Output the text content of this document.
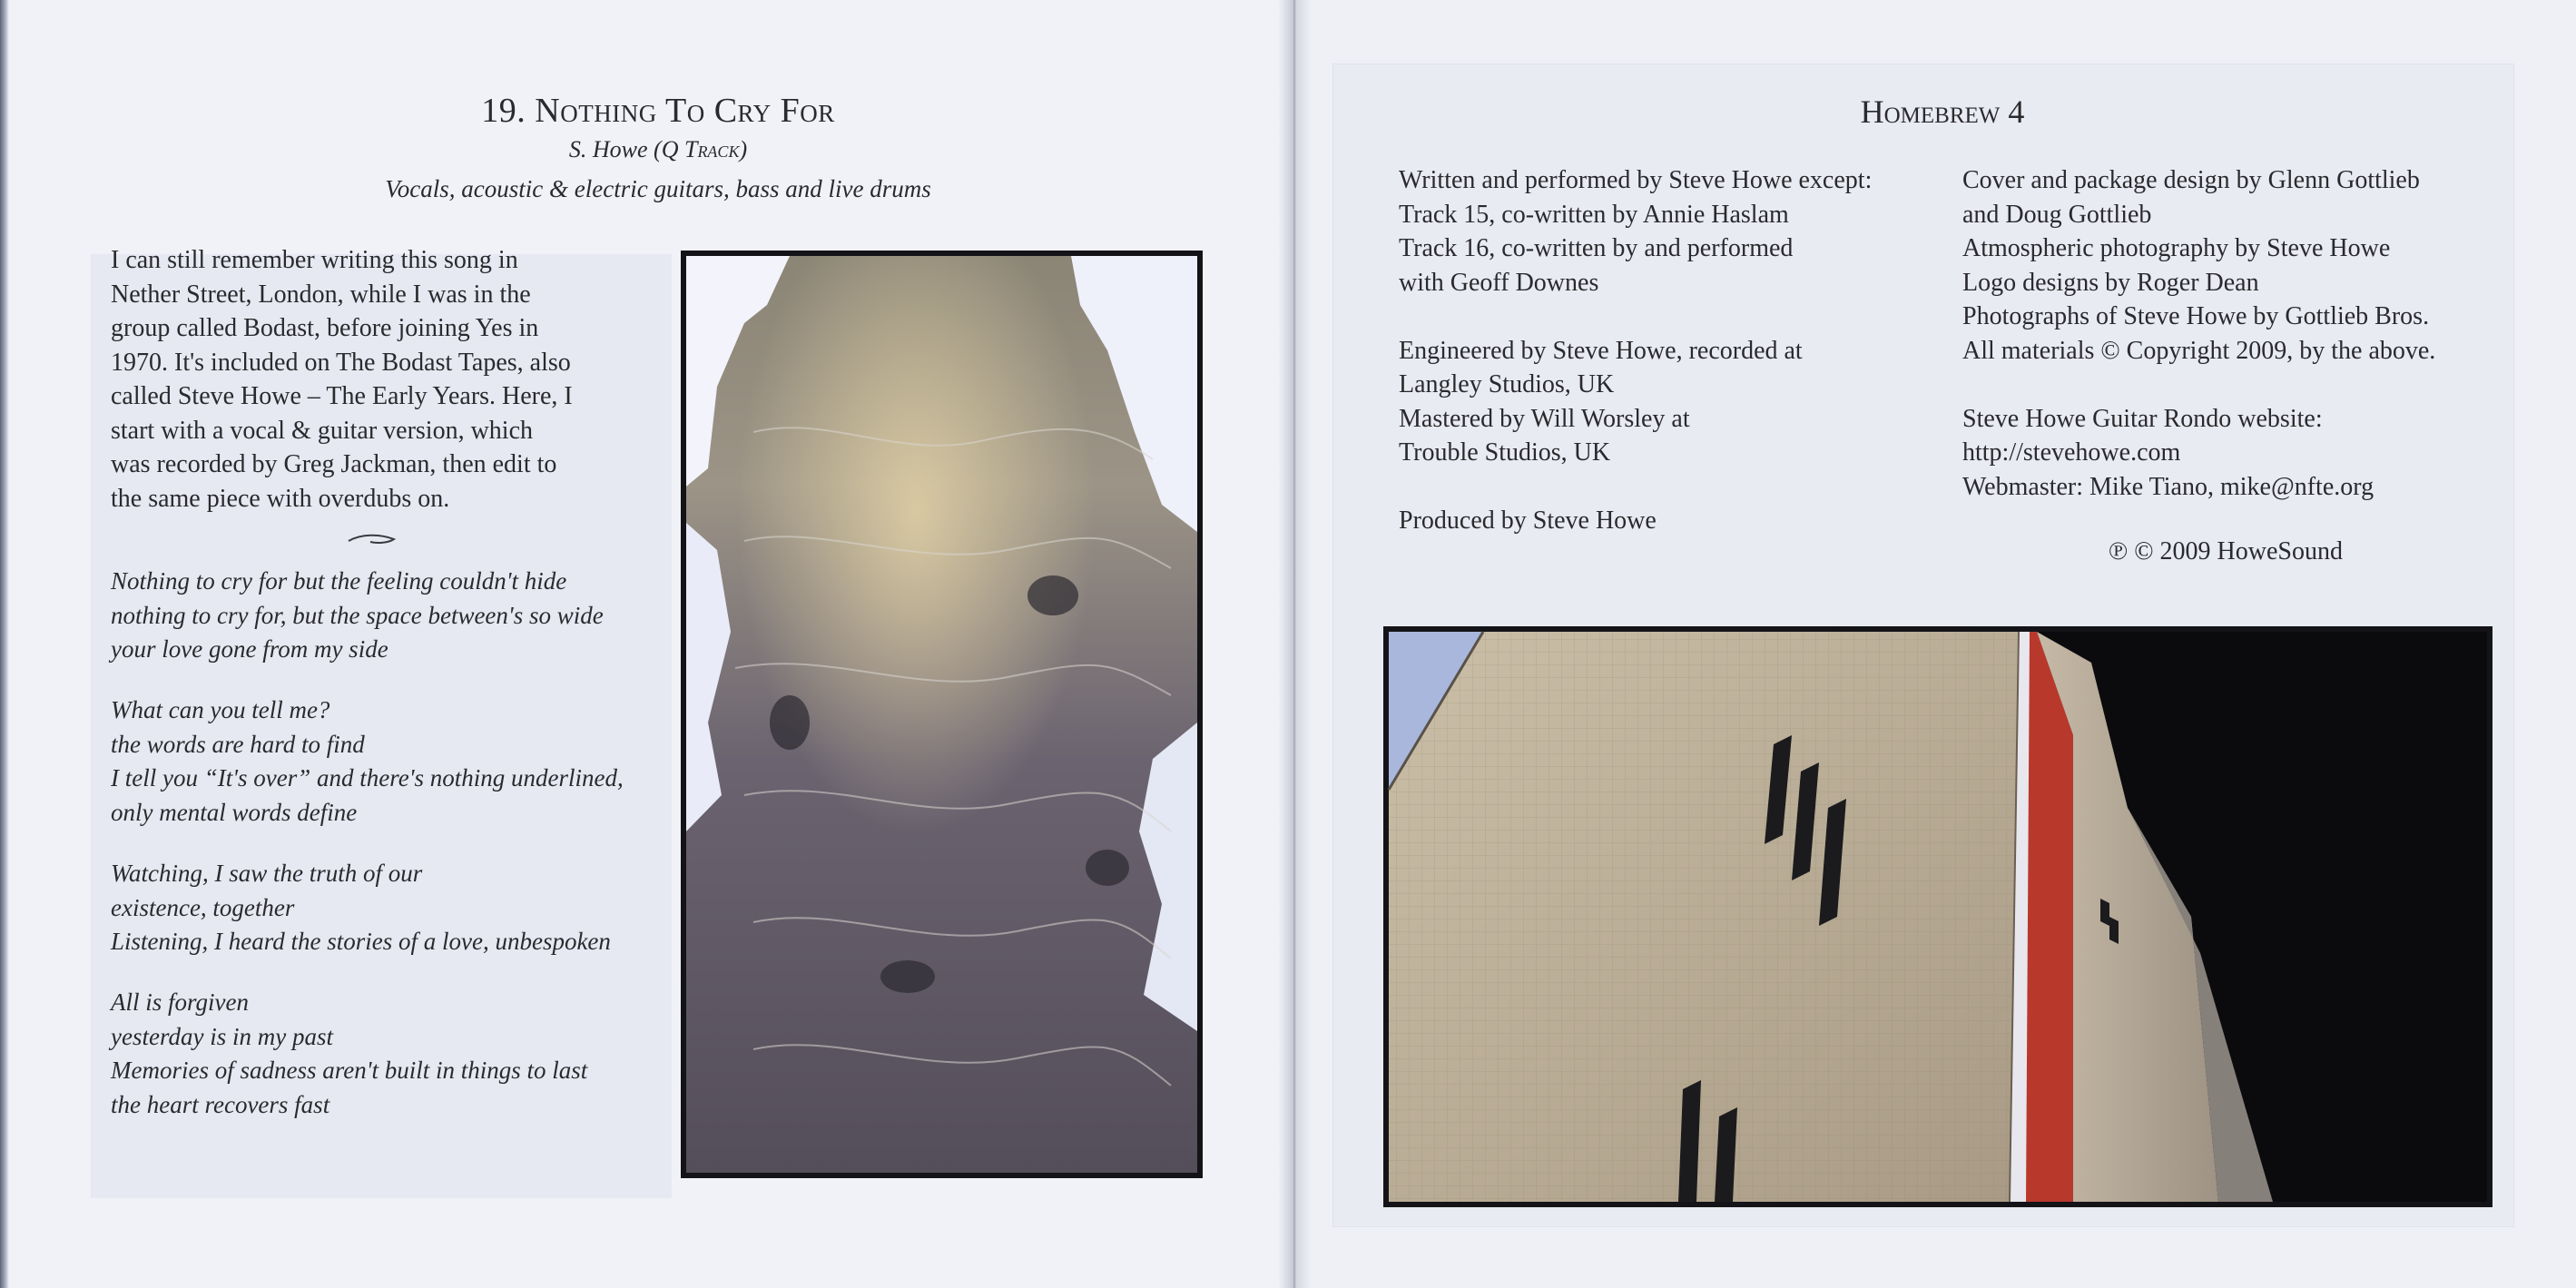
19. Nothing To Cry For
S. Howe (Q Track)
Vocals, acoustic & electric guitars, bass and live drums
I can still remember writing this song in
Nether Street, London, while I was in the
group called Bodast, before joining Yes in
1970. It's included on The Bodast Tapes, also
called Steve Howe – The Early Years. Here, I
start with a vocal & guitar version, which
was recorded by Greg Jackman, then edit to
the same piece with overdubs on.
Nothing to cry for but the feeling couldn't hide
nothing to cry for, but the space between's so wide
your love gone from my side
What can you tell me?
the words are hard to find
I tell you “It's over” and there's nothing underlined,
only mental words define
Watching, I saw the truth of our
existence, together
Listening, I heard the stories of a love, unbespoken
All is forgiven
yesterday is in my past
Memories of sadness aren't built in things to last
the heart recovers fast
Homebrew 4
Written and performed by Steve Howe except:
Track 15, co-written by Annie Haslam
Track 16, co-written by and performed
with Geoff Downes
Engineered by Steve Howe, recorded at
Langley Studios, UK
Mastered by Will Worsley at
Trouble Studios, UK
Produced by Steve Howe
Cover and package design by Glenn Gottlieb
and Doug Gottlieb
Atmospheric photography by Steve Howe
Logo designs by Roger Dean
Photographs of Steve Howe by Gottlieb Bros.
All materials © Copyright 2009, by the above.
Steve Howe Guitar Rondo website:
http://stevehowe.com
Webmaster: Mike Tiano, mike@nfte.org
℗ © 2009 HoweSound
